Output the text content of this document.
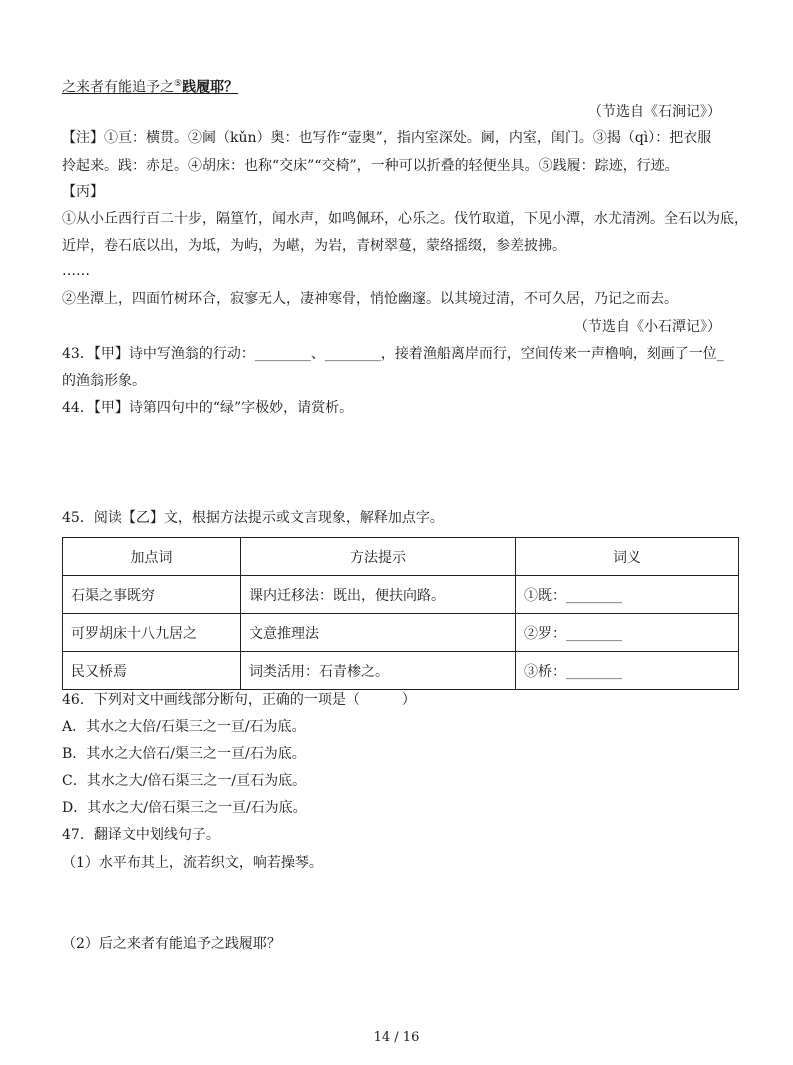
之来者有能追予之⑤践履耶？
（节选自《石涧记》）
【注】①亘：横贯。②阃（kǔn）奥：也写作“壸奥”，指内室深处。阃，内室，闺门。③揭（qì）：把衣服
拎起来。践：赤足。④胡床：也称“交床”“交椅”，一种可以折叠的轻便坐具。⑤践履：踪迹，行迹。
【丙】
①从小丘西行百二十步，隔篁竹，闻水声，如鸣佩环，心乐之。伐竹取道，下见小潭，水尤清洌。全石以为底，
近岸，卷石底以出，为坻，为屿，为嵁，为岩，青树翠蔓，蒙络摇缀，参差披拂。
……
②坐潭上，四面竹树环合，寂寥无人，凄神寒骨，悄怆幽邃。以其境过清，不可久居，乃记之而去。
（节选自《小石潭记》）
43．【甲】诗中写渔翁的行动：________、________，接着渔船离岸而行，空间传来一声橹响，刻画了一位_
的渔翁形象。
44．【甲】诗第四句中的“绿”字极妙，请赏析。
45．阅读【乙】文，根据方法提示或文言现象，解释加点字。
加点词	方法提示	词义
石渠之事既穷	课内迁移法：既出，便扶向路。	①既：________
可罗胡床十八九居之	文意推理法	②罗：________
民又桥焉	词类活用：石青椮之。	③桥：________
46．下列对文中画线部分断句，正确的一项是（　　　）
A．其水之大倍/石渠三之一亘/石为底。
B．其水之大倍石/渠三之一亘/石为底。
C．其水之大/倍石渠三之一/亘石为底。
D．其水之大/倍石渠三之一亘/石为底。
47．翻译文中划线句子。
（1）水平布其上，流若织文，响若操琴。
（2）后之来者有能追予之践履耶？
14 / 16
